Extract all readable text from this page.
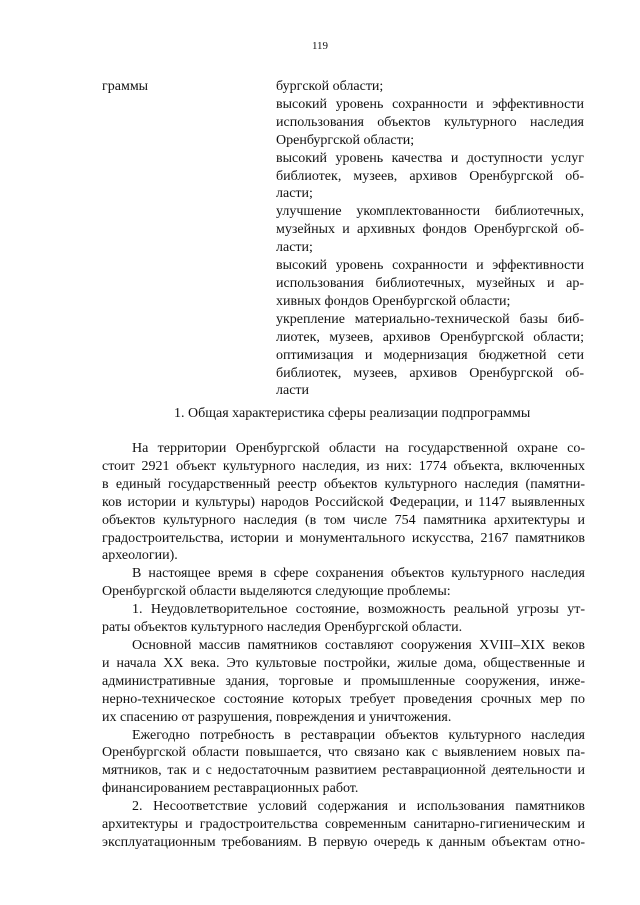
119
граммы	бургской области;
высокий уровень сохранности и эффективности
использования объектов культурного наследия
Оренбургской области;
высокий уровень качества и доступности услуг
библиотек, музеев, архивов Оренбургской об-
ласти;
улучшение укомплектованности библиотечных,
музейных и архивных фондов Оренбургской об-
ласти;
высокий уровень сохранности и эффективности
использования библиотечных, музейных и ар-
хивных фондов Оренбургской области;
укрепление материально-технической базы биб-
лиотек, музеев, архивов Оренбургской области;
оптимизация и модернизация бюджетной сети
библиотек, музеев, архивов Оренбургской об-
ласти
1. Общая характеристика сферы реализации подпрограммы

На территории Оренбургской области на государственной охране со-
стоит 2921 объект культурного наследия, из них: 1774 объекта, включенных
в единый государственный реестр объектов культурного наследия (памятни-
ков истории и культуры) народов Российской Федерации, и 1147 выявленных
объектов культурного наследия (в том числе 754 памятника архитектуры и
градостроительства, истории и монументального искусства, 2167 памятников
археологии).

В настоящее время в сфере сохранения объектов культурного наследия
Оренбургской области выделяются следующие проблемы:

1. Неудовлетворительное состояние, возможность реальной угрозы ут-
раты объектов культурного наследия Оренбургской области.

Основной массив памятников составляют сооружения XVIII–XIX веков
и начала XX века. Это культовые постройки, жилые дома, общественные и
административные здания, торговые и промышленные сооружения, инже-
нерно-техническое состояние которых требует проведения срочных мер по
их спасению от разрушения, повреждения и уничтожения.

Ежегодно потребность в реставрации объектов культурного наследия
Оренбургской области повышается, что связано как с выявлением новых па-
мятников, так и с недостаточным развитием реставрационной деятельности и
финансированием реставрационных работ.

2. Несоответствие условий содержания и использования памятников
архитектуры и градостроительства современным санитарно-гигиеническим и
эксплуатационным требованиям. В первую очередь к данным объектам отно-
